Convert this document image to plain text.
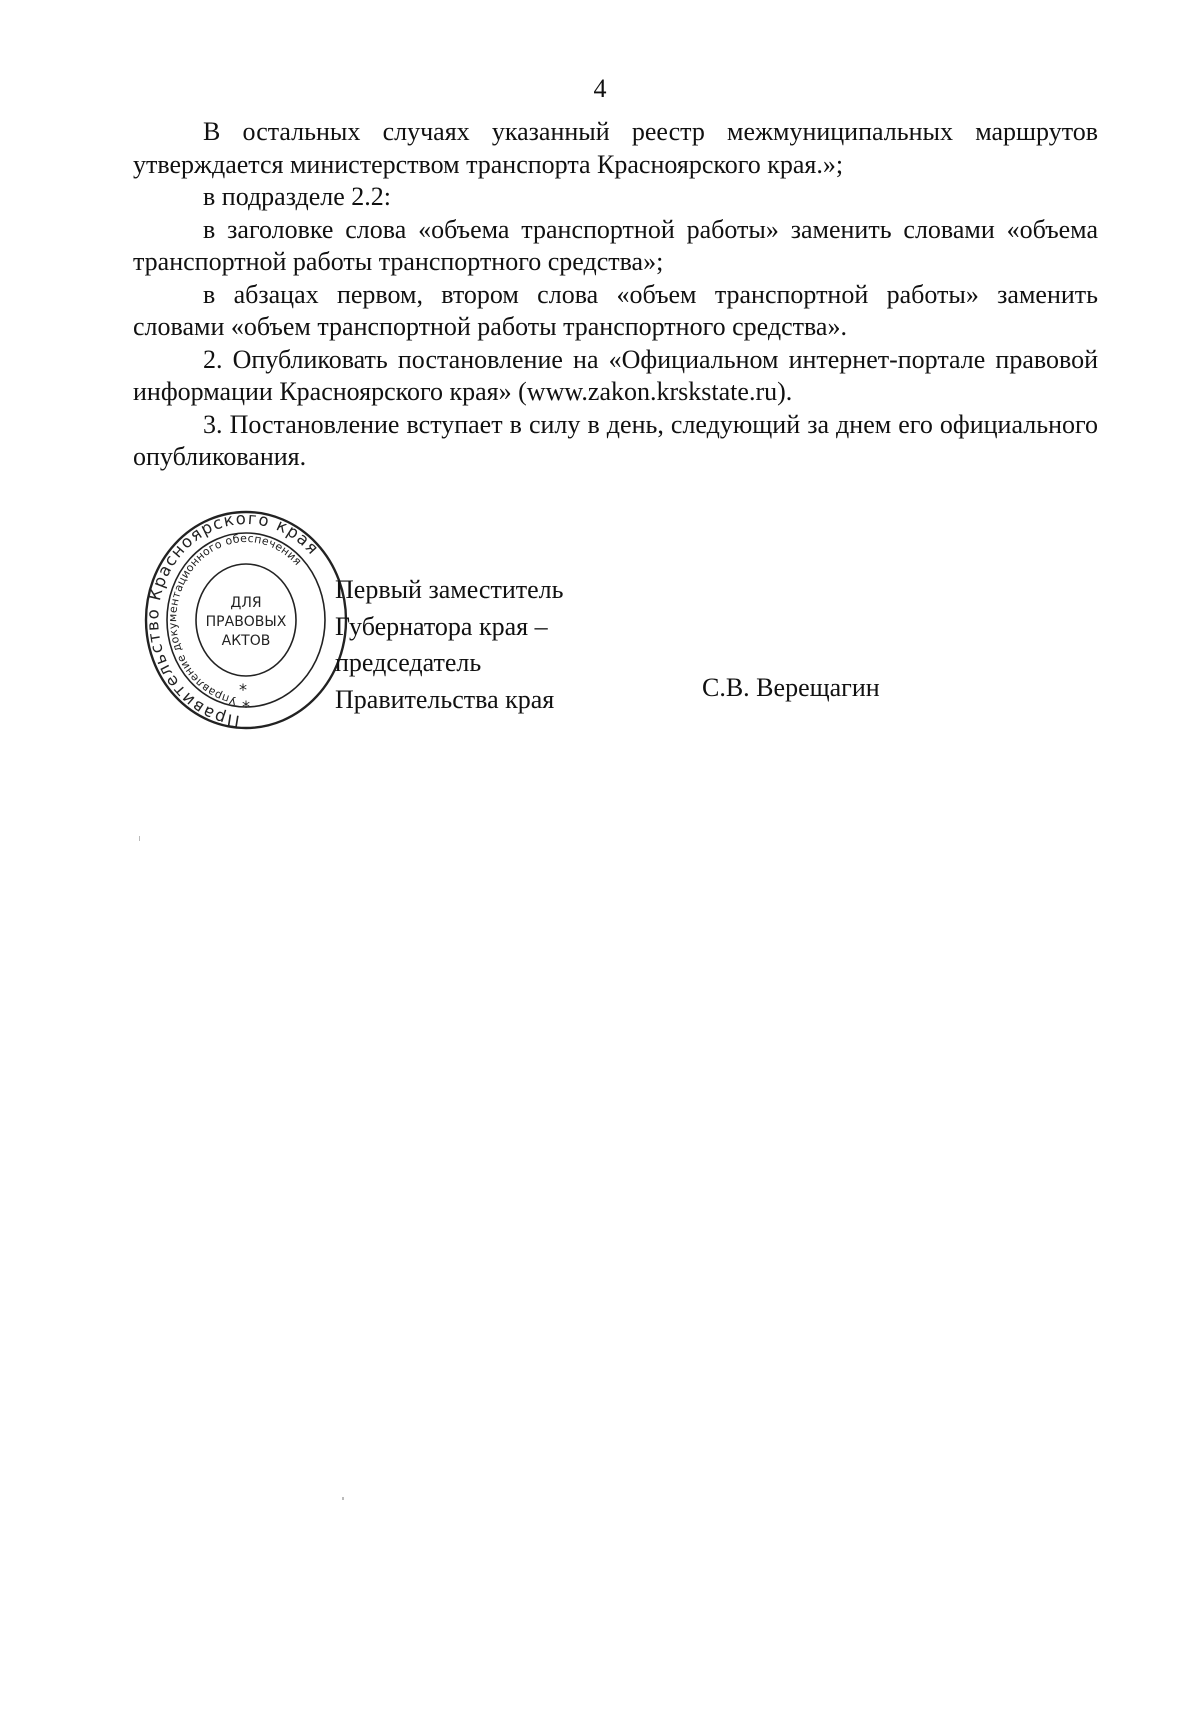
4

В остальных случаях указанный реестр межмуниципальных маршрутов утверждается министерством транспорта Красноярского края.»;

в подразделе 2.2:

в заголовке слова «объема транспортной работы» заменить словами «объема транспортной работы транспортного средства»;

в абзацах первом, втором слова «объем транспортной работы» заменить словами «объем транспортной работы транспортного средства».

2. Опубликовать постановление на «Официальном интернет-портале правовой информации Красноярского края» (www.zakon.krskstate.ru).

3. Постановление вступает в силу в день, следующий за днем его официального опубликования.

Правительство Красноярского края
Управление документационного обеспечения
ДЛЯ
ПРАВОВЫХ
АКТОВ
*
*
Первый заместитель
Губернатора края –
председатель
Правительства края	С.В. Верещагин
